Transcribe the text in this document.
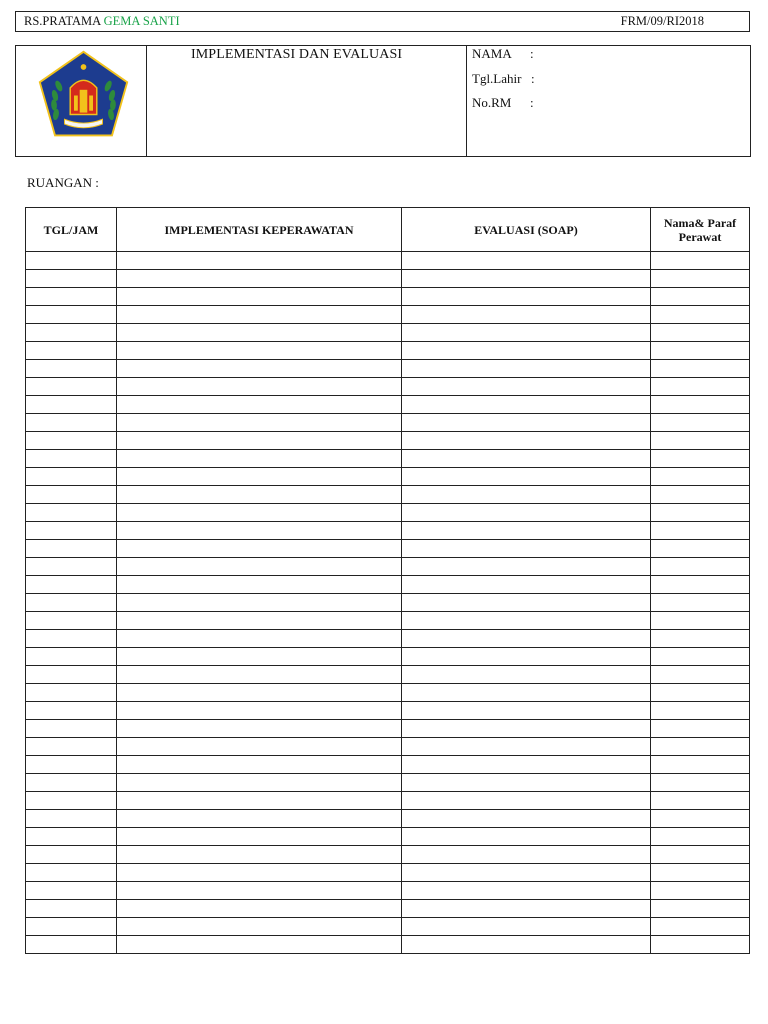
RS.PRATAMA GEMA SANTI	FRM/09/RI2018
IMPLEMENTASI DAN EVALUASI	NAMA :
Tgl.Lahir :
No.RM :
RUANGAN :
TGL/JAM	IMPLEMENTASI KEPERAWATAN	EVALUASI (SOAP)	Nama& Paraf Perawat
